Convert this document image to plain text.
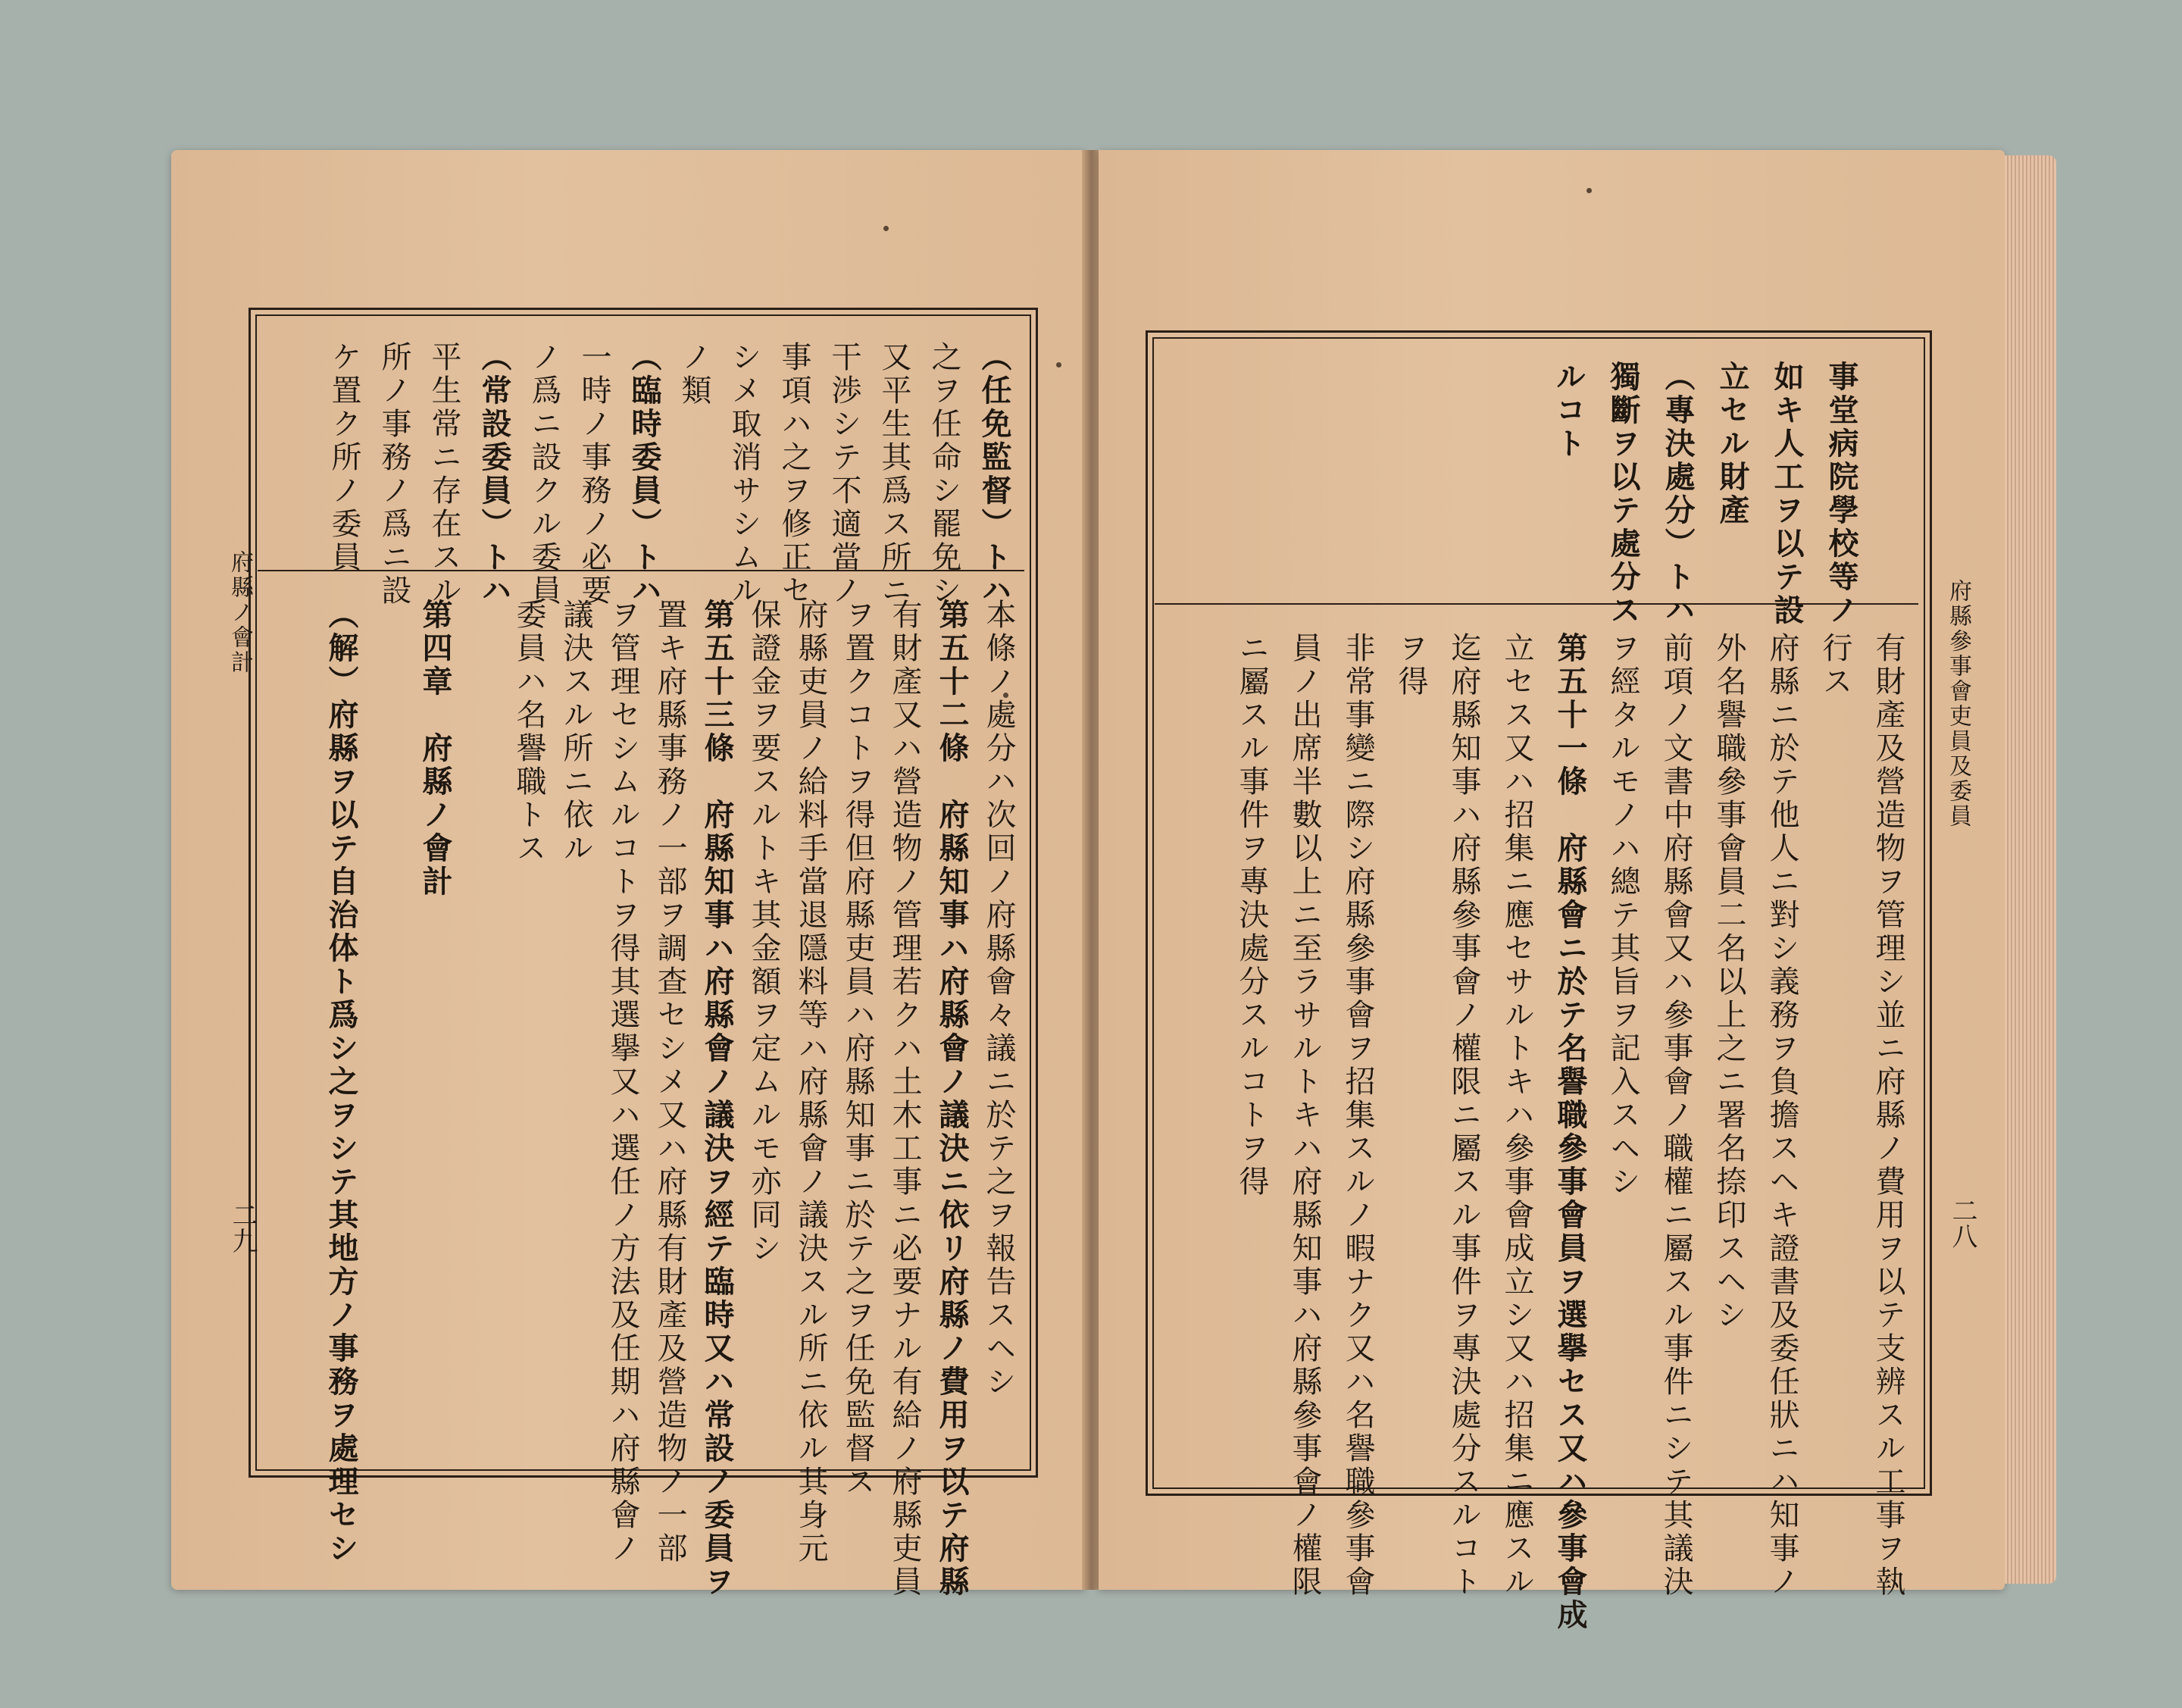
府縣ノ會計
二九
（任免監督）トハ
之ヲ任命シ罷免シ
又平生其爲ス所ニ
干渉シテ不適當ノ
事項ハ之ヲ修正セ
シメ取消サシムル
ノ類
（臨時委員）トハ
一時ノ事務ノ必要
ノ爲ニ設クル委員
（常設委員）トハ
平生常ニ存在スル
所ノ事務ノ爲ニ設
ケ置ク所ノ委員
本條ノ處分ハ次回ノ府縣會々議ニ於テ之ヲ報告スヘシ
第五十二條　府縣知事ハ府縣會ノ議決ニ依リ府縣ノ費用ヲ以テ府縣
有財產又ハ營造物ノ管理若クハ土木工事ニ必要ナル有給ノ府縣吏員
ヲ置クコトヲ得但府縣吏員ハ府縣知事ニ於テ之ヲ任免監督ス
府縣吏員ノ給料手當退隱料等ハ府縣會ノ議決スル所ニ依ル其身元
保證金ヲ要スルトキ其金額ヲ定ムルモ亦同シ
第五十三條　府縣知事ハ府縣會ノ議決ヲ經テ臨時又ハ常設ノ委員ヲ
置キ府縣事務ノ一部ヲ調查セシメ又ハ府縣有財產及營造物ノ一部
ヲ管理セシムルコトヲ得其選擧又ハ選任ノ方法及任期ハ府縣會ノ
議決スル所ニ依ル
委員ハ名譽職トス
第四章　府縣ノ會計
（解）府縣ヲ以テ自治体ト爲シ之ヲシテ其地方ノ事務ヲ處理セシ	府縣參事會吏員及委員
二八
事堂病院學校等ノ
如キ人工ヲ以テ設
立セル財產
（專決處分）トハ
獨斷ヲ以テ處分ス
ルコト
有財產及營造物ヲ管理シ並ニ府縣ノ費用ヲ以テ支辨スル工事ヲ執
行ス
府縣ニ於テ他人ニ對シ義務ヲ負擔スヘキ證書及委任狀ニハ知事ノ
外名譽職參事會員二名以上之ニ署名捺印スヘシ
前項ノ文書中府縣會又ハ參事會ノ職權ニ屬スル事件ニシテ其議決
ヲ經タルモノハ總テ其旨ヲ記入スヘシ
第五十一條　府縣會ニ於テ名譽職參事會員ヲ選擧セス又ハ參事會成
立セス又ハ招集ニ應セサルトキハ參事會成立シ又ハ招集ニ應スル
迄府縣知事ハ府縣參事會ノ權限ニ屬スル事件ヲ專決處分スルコト
ヲ得
非常事變ニ際シ府縣參事會ヲ招集スルノ暇ナク又ハ名譽職參事會
員ノ出席半數以上ニ至ラサルトキハ府縣知事ハ府縣參事會ノ權限
ニ屬スル事件ヲ專決處分スルコトヲ得
